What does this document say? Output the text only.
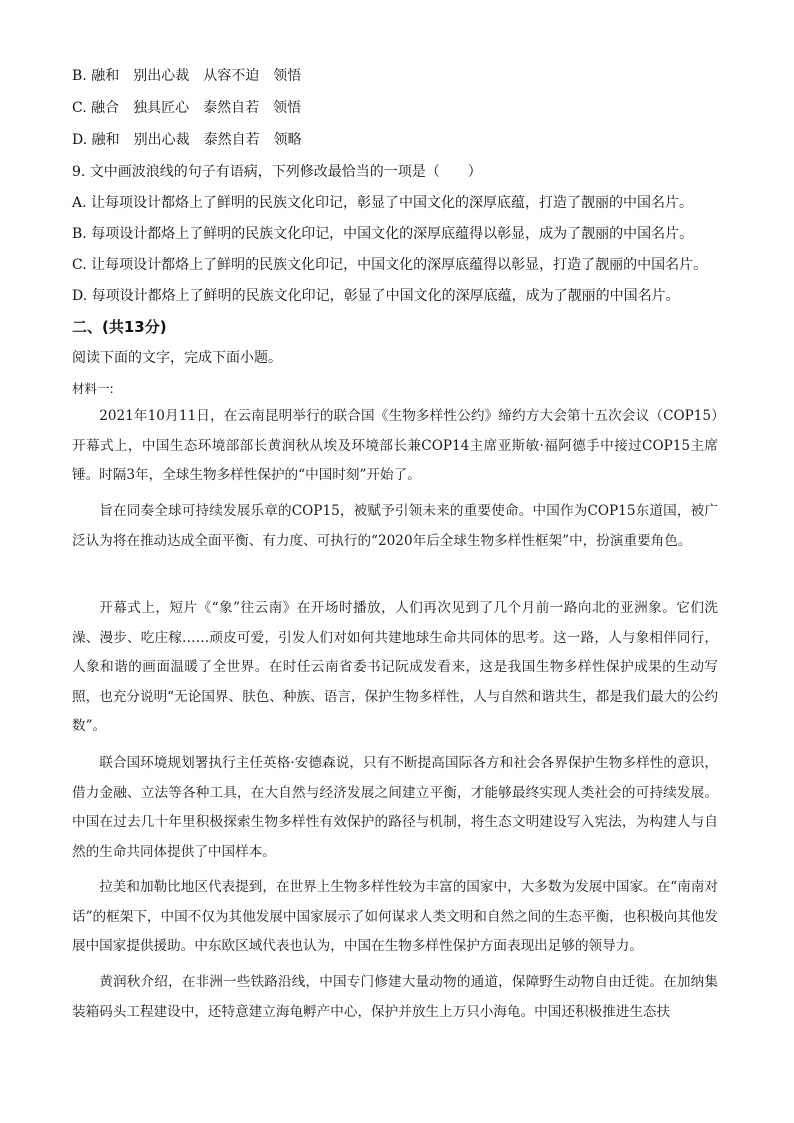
B. 融和　别出心裁　从容不迫　领悟
C. 融合　独具匠心　泰然自若　领悟
D. 融和　别出心裁　泰然自若　领略
9. 文中画波浪线的句子有语病，下列修改最恰当的一项是（　　）
A. 让每项设计都烙上了鲜明的民族文化印记，彰显了中国文化的深厚底蕴，打造了靓丽的中国名片。
B. 每项设计都烙上了鲜明的民族文化印记，中国文化的深厚底蕴得以彰显，成为了靓丽的中国名片。
C. 让每项设计都烙上了鲜明的民族文化印记，中国文化的深厚底蕴得以彰显，打造了靓丽的中国名片。
D. 每项设计都烙上了鲜明的民族文化印记，彰显了中国文化的深厚底蕴，成为了靓丽的中国名片。
二、(共13分)
阅读下面的文字，完成下面小题。
材料一:
2021年10月11日，在云南昆明举行的联合国《生物多样性公约》缔约方大会第十五次会议（COP15）开幕式上，中国生态环境部部长黄润秋从埃及环境部长兼COP14主席亚斯敏·福阿德手中接过COP15主席锤。时隔3年，全球生物多样性保护的“中国时刻”开始了。
旨在同奏全球可持续发展乐章的COP15，被赋予引领未来的重要使命。中国作为COP15东道国，被广泛认为将在推动达成全面平衡、有力度、可执行的“2020年后全球生物多样性框架”中，扮演重要角色。
开幕式上，短片《“象”往云南》在开场时播放，人们再次见到了几个月前一路向北的亚洲象。它们洗澡、漫步、吃庄稼……顽皮可爱，引发人们对如何共建地球生命共同体的思考。这一路，人与象相伴同行，人象和谐的画面温暖了全世界。在时任云南省委书记阮成发看来，这是我国生物多样性保护成果的生动写照，也充分说明“无论国界、肤色、种族、语言，保护生物多样性，人与自然和谐共生，都是我们最大的公约数”。
联合国环境规划署执行主任英格·安德森说，只有不断提高国际各方和社会各界保护生物多样性的意识，借力金融、立法等各种工具，在大自然与经济发展之间建立平衡，才能够最终实现人类社会的可持续发展。中国在过去几十年里积极探索生物多样性有效保护的路径与机制，将生态文明建设写入宪法，为构建人与自然的生命共同体提供了中国样本。
拉美和加勒比地区代表提到，在世界上生物多样性较为丰富的国家中，大多数为发展中国家。在“南南对话”的框架下，中国不仅为其他发展中国家展示了如何谋求人类文明和自然之间的生态平衡，也积极向其他发展中国家提供援助。中东欧区域代表也认为，中国在生物多样性保护方面表现出足够的领导力。
黄润秋介绍，在非洲一些铁路沿线，中国专门修建大量动物的通道，保障野生动物自由迁徙。在加纳集装箱码头工程建设中，还特意建立海龟孵产中心，保护并放生上万只小海龟。中国还积极推进生态扶
